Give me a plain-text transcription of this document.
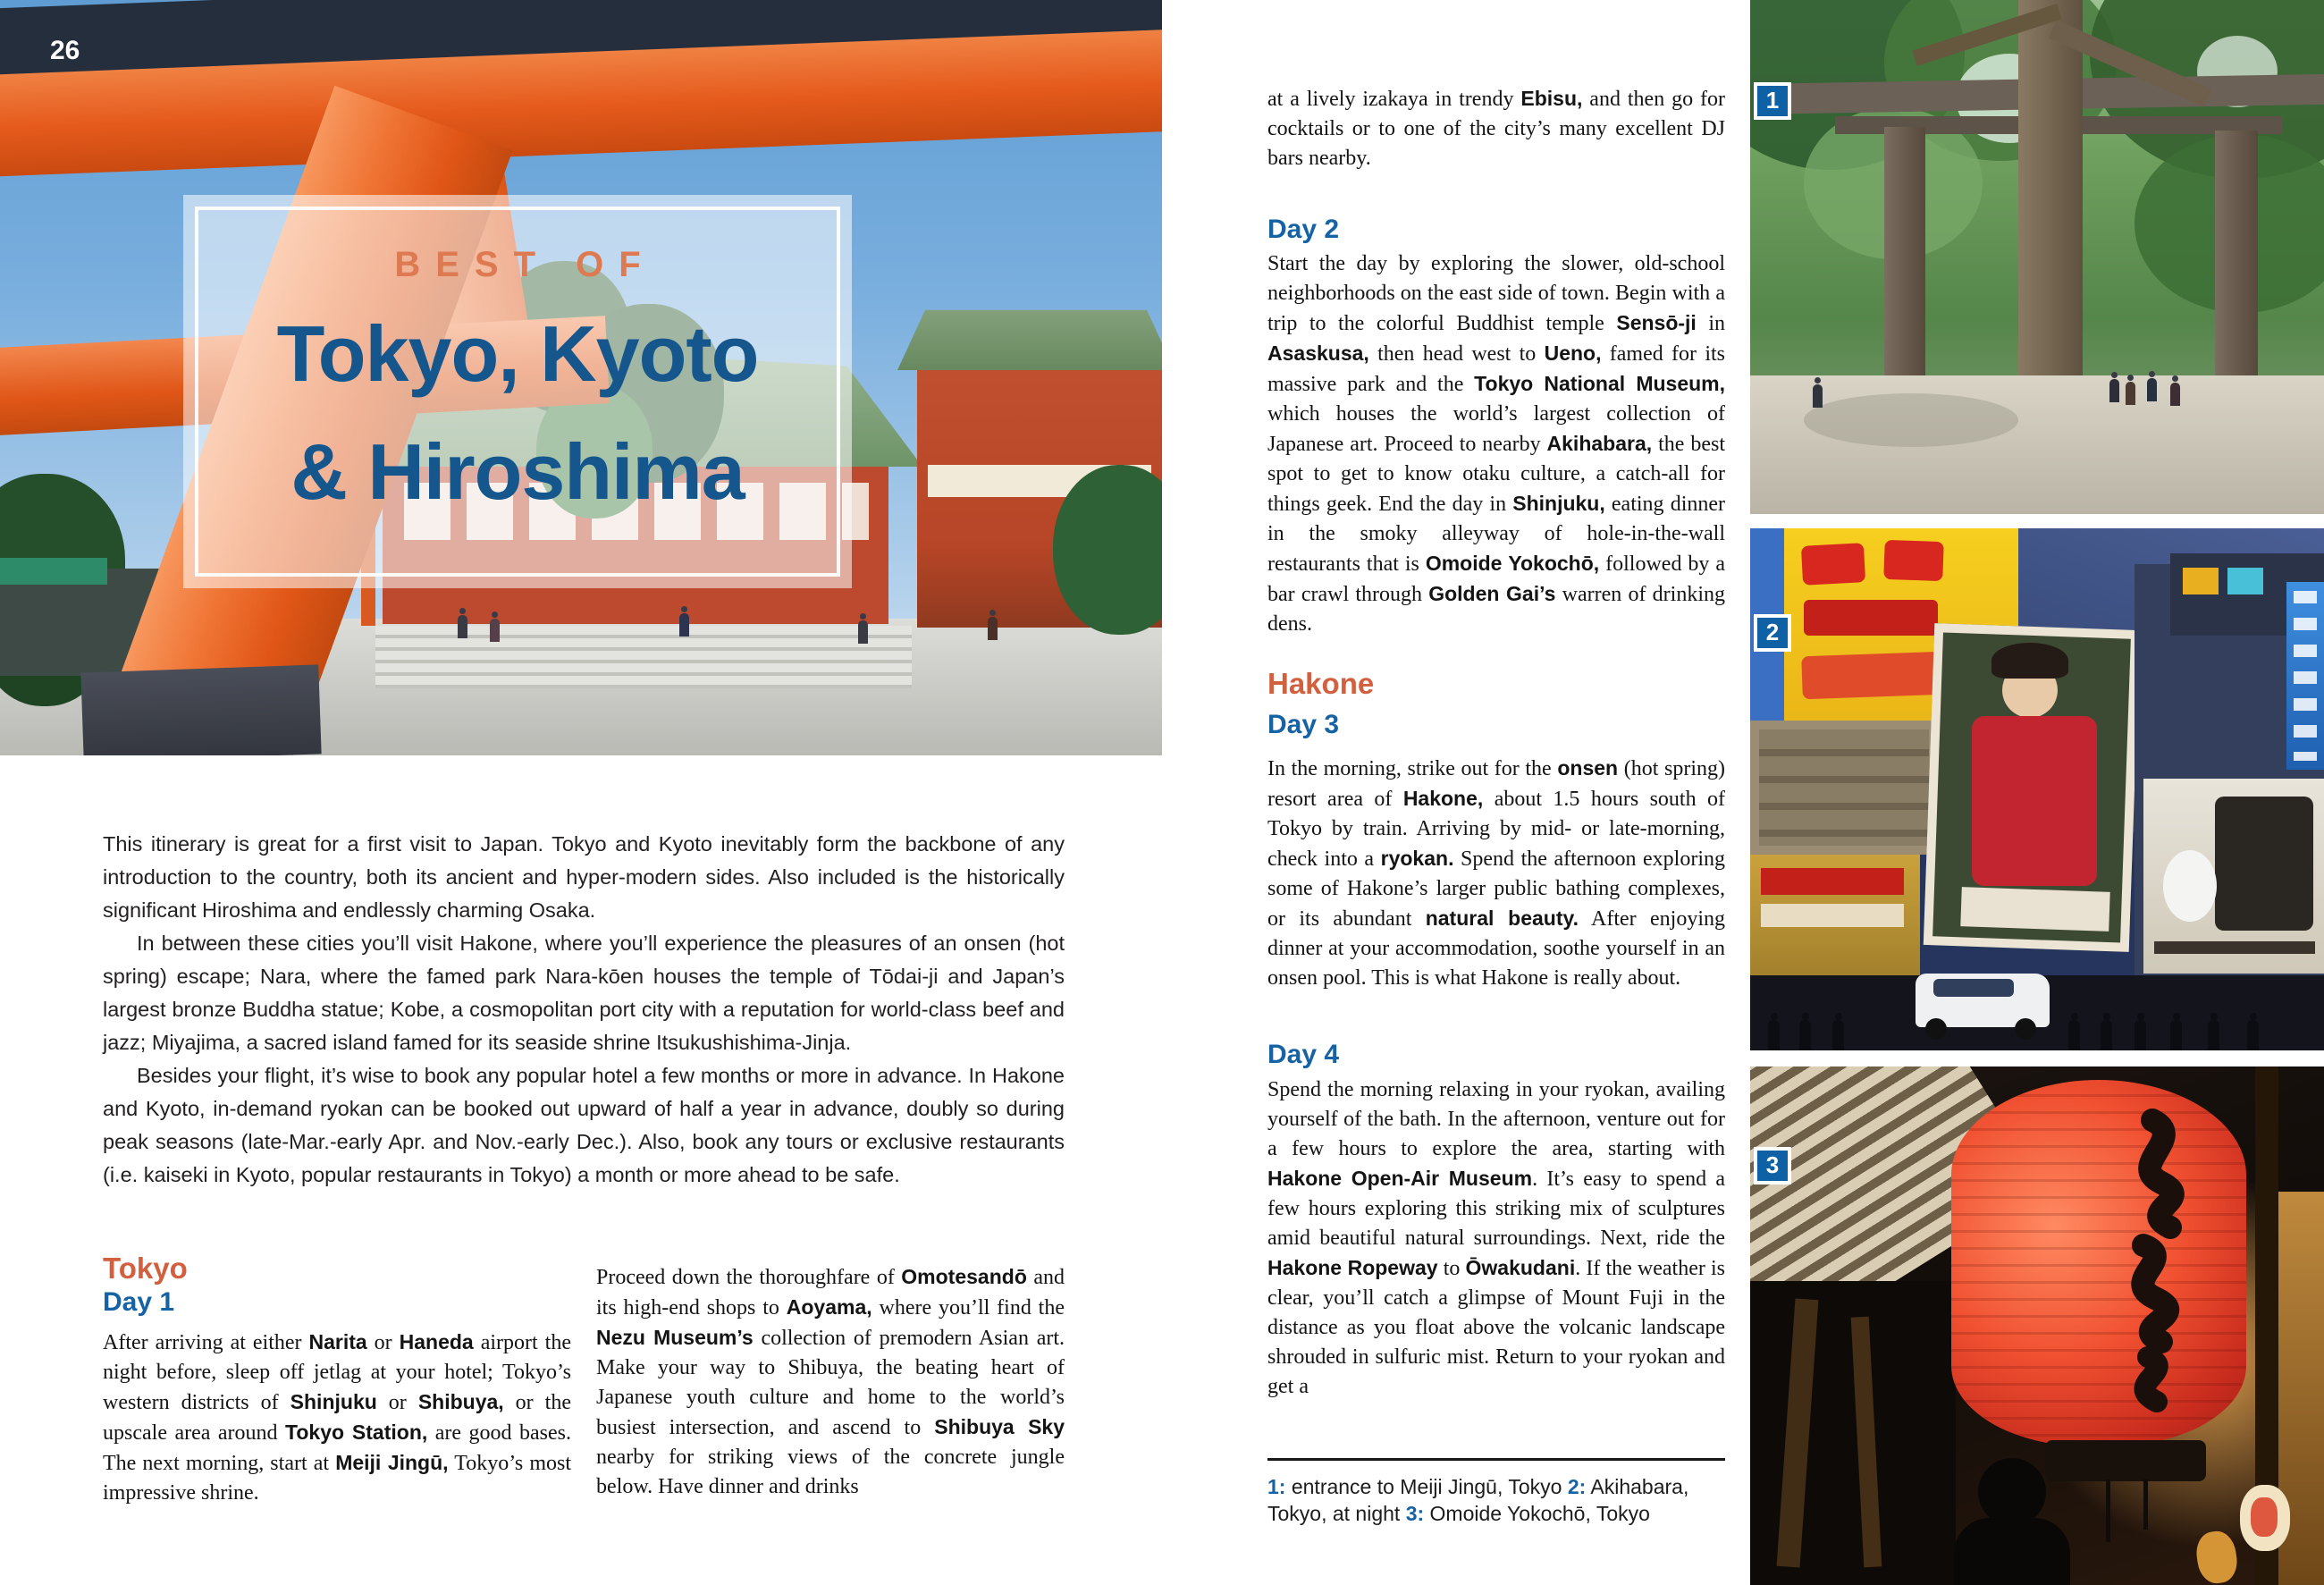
BEST OF
Tokyo, Kyoto
& Hiroshima
26

This itinerary is great for a first visit to Japan. Tokyo and Kyoto inevitably form the backbone of any introduction to the country, both its ancient and hyper-modern sides. Also included is the historically significant Hiroshima and endlessly charming Osaka.

In between these cities you’ll visit Hakone, where you’ll experience the pleasures of an onsen (hot spring) escape; Nara, where the famed park Nara-kōen houses the temple of Tōdai-ji and Japan’s largest bronze Buddha statue; Kobe, a cosmopolitan port city with a reputation for world-class beef and jazz; Miyajima, a sacred island famed for its seaside shrine Itsukushishima-Jinja.

Besides your flight, it’s wise to book any popular hotel a few months or more in advance. In Hakone and Kyoto, in-demand ryokan can be booked out upward of half a year in advance, doubly so during peak seasons (late-Mar.-early Apr. and Nov.-early Dec.). Also, book any tours or exclusive restaurants (i.e. kaiseki in Kyoto, popular restaurants in Tokyo) a month or more ahead to be safe.

Tokyo
Day 1

After arriving at either Narita or Haneda airport the night before, sleep off jetlag at your hotel; Tokyo’s western districts of Shinjuku or Shibuya, or the upscale area around Tokyo Station, are good bases. The next morning, start at Meiji Jingū, Tokyo’s most impressive shrine.

Proceed down the thoroughfare of Omotesandō and its high-end shops to Aoyama, where you’ll find the Nezu Museum’s collection of premodern Asian art. Make your way to Shibuya, the beating heart of Japanese youth culture and home to the world’s busiest intersection, and ascend to Shibuya Sky nearby for striking views of the concrete jungle below. Have dinner and drinks

at a lively izakaya in trendy Ebisu, and then go for cocktails or to one of the city’s many excellent DJ bars nearby.

Day 2

Start the day by exploring the slower, old-school neighborhoods on the east side of town. Begin with a trip to the colorful Buddhist temple Sensō-ji in Asaskusa, then head west to Ueno, famed for its massive park and the Tokyo National Museum, which houses the world’s largest collection of Japanese art. Proceed to nearby Akihabara, the best spot to get to know otaku culture, a catch-all for things geek. End the day in Shinjuku, eating dinner in the smoky alleyway of hole-in-the-wall restaurants that is Omoide Yokochō, followed by a bar crawl through Golden Gai’s warren of drinking dens.

Hakone
Day 3

In the morning, strike out for the onsen (hot spring) resort area of Hakone, about 1.5 hours south of Tokyo by train. Arriving by mid- or late-morning, check into a ryokan. Spend the afternoon exploring some of Hakone’s larger public bathing complexes, or its abundant natural beauty. After enjoying dinner at your accommodation, soothe yourself in an onsen pool. This is what Hakone is really about.

Day 4

Spend the morning relaxing in your ryokan, availing yourself of the bath. In the afternoon, venture out for a few hours to explore the area, starting with Hakone Open-Air Museum. It’s easy to spend a few hours exploring this striking mix of sculptures amid beautiful natural surroundings. Next, ride the Hakone Ropeway to Ōwakudani. If the weather is clear, you’ll catch a glimpse of Mount Fuji in the distance as you float above the volcanic landscape shrouded in sulfuric mist. Return to your ryokan and get a

1: entrance to Meiji Jingū, Tokyo 2: Akihabara, Tokyo, at night 3: Omoide Yokochō, Tokyo
1
2
3
